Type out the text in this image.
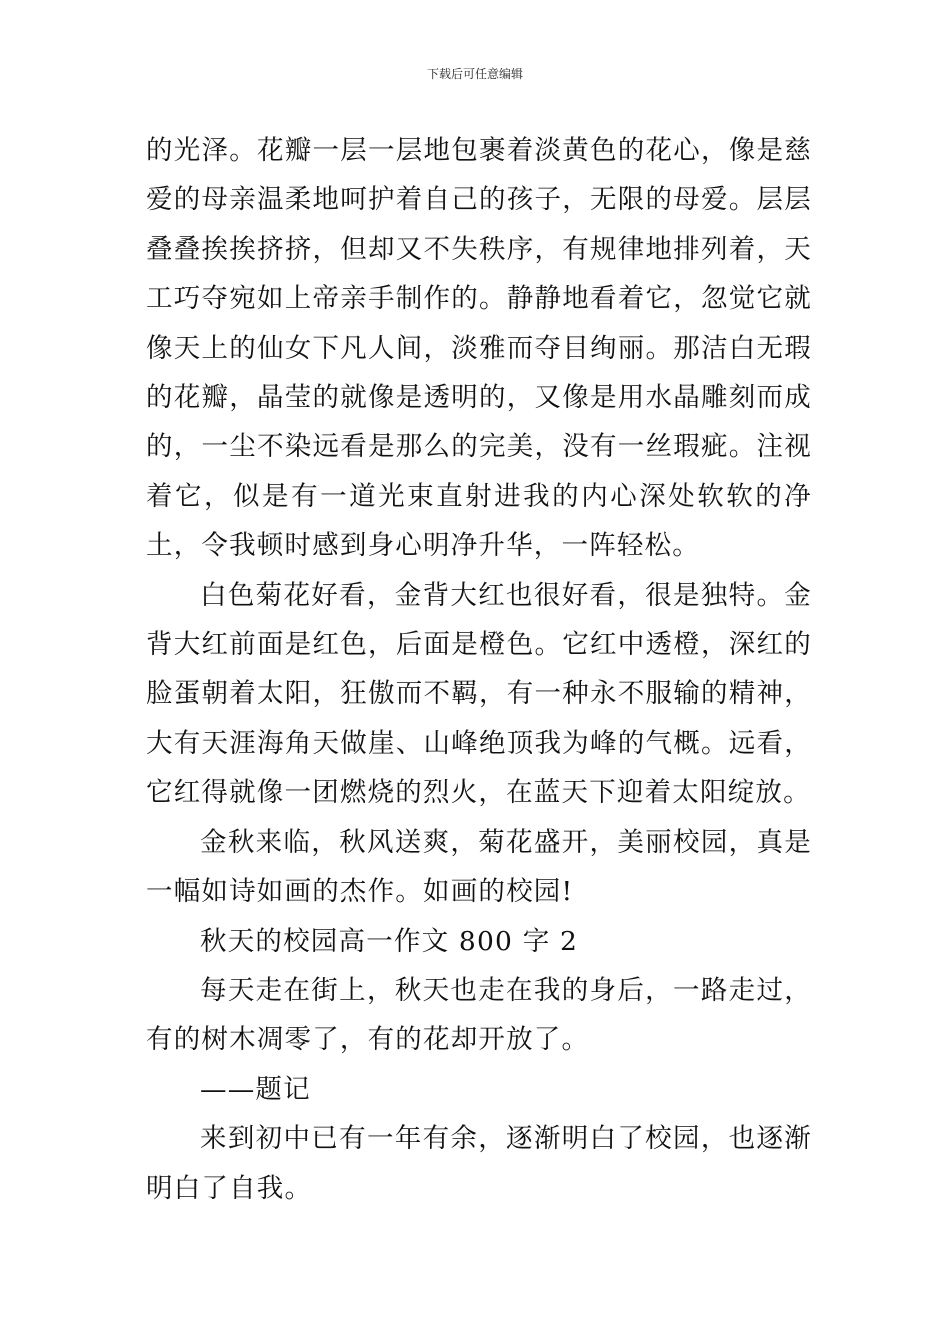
下载后可任意编辑

的光泽。花瓣一层一层地包裹着淡黄色的花心，像是慈爱的母亲温柔地呵护着自己的孩子，无限的母爱。层层叠叠挨挨挤挤，但却又不失秩序，有规律地排列着，天工巧夺宛如上帝亲手制作的。静静地看着它，忽觉它就像天上的仙女下凡人间，淡雅而夺目绚丽。那洁白无瑕的花瓣，晶莹的就像是透明的，又像是用水晶雕刻而成的，一尘不染远看是那么的完美，没有一丝瑕疵。注视着它，似是有一道光束直射进我的内心深处软软的净土，令我顿时感到身心明净升华，一阵轻松。

白色菊花好看，金背大红也很好看，很是独特。金背大红前面是红色，后面是橙色。它红中透橙，深红的脸蛋朝着太阳，狂傲而不羁，有一种永不服输的精神，大有天涯海角天做崖、山峰绝顶我为峰的气概。远看，它红得就像一团燃烧的烈火，在蓝天下迎着太阳绽放。

金秋来临，秋风送爽，菊花盛开，美丽校园，真是一幅如诗如画的杰作。如画的校园!

秋天的校园高一作文 800 字 2

每天走在街上，秋天也走在我的身后，一路走过，有的树木凋零了，有的花却开放了。

——题记

来到初中已有一年有余，逐渐明白了校园，也逐渐明白了自我。
